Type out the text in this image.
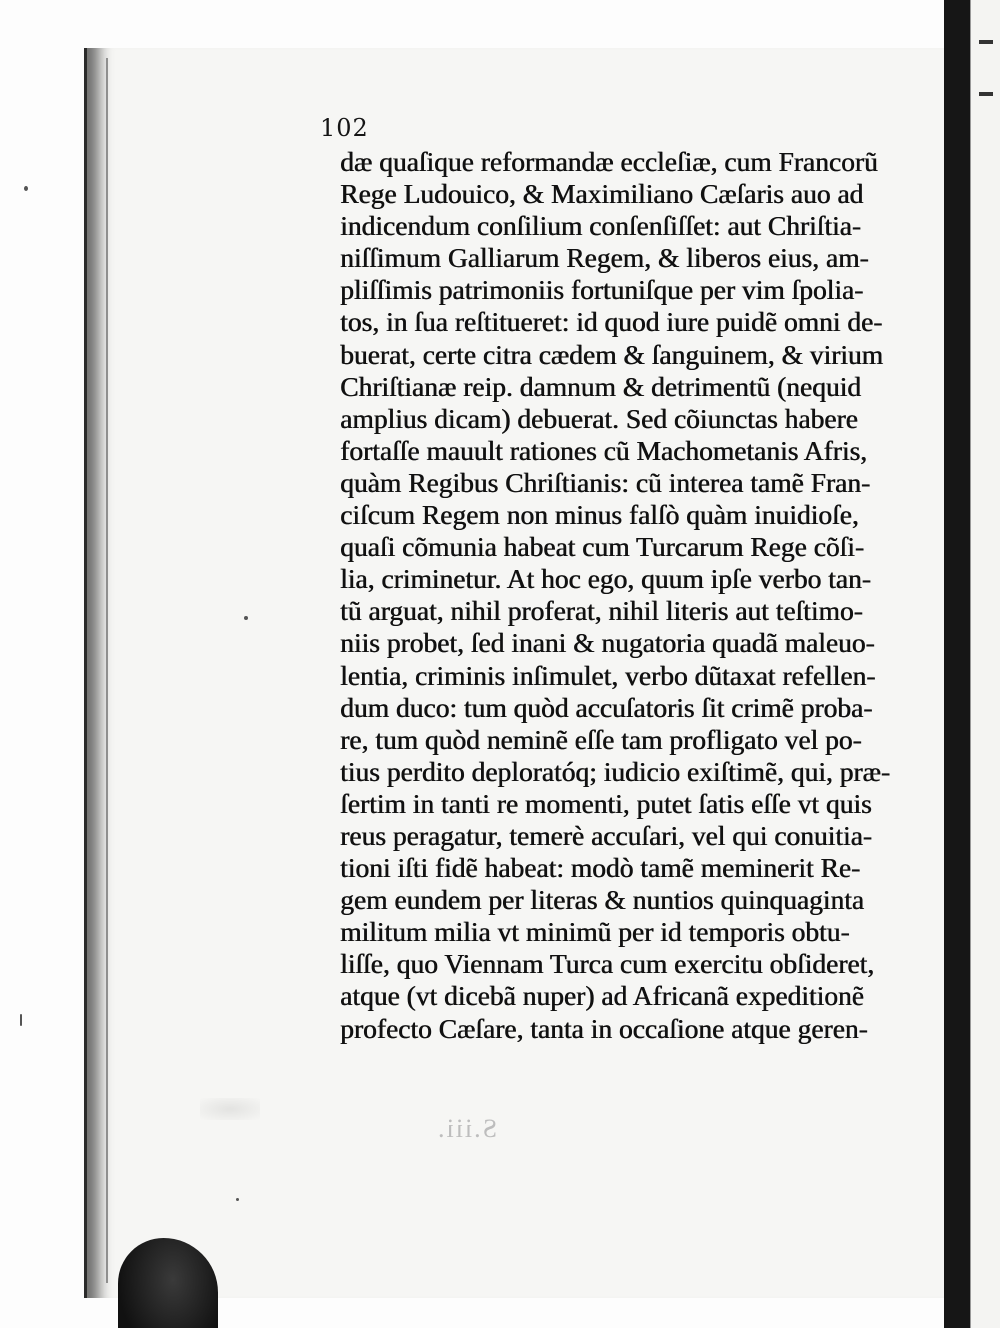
S.iii.

102

dæ quaſique reformandæ eccleſiæ, cum Francorũ
Rege Ludouico, & Maximiliano Cæſaris auo ad
indicendum conſilium conſenſiſſet: aut Chriſtia-
niſſimum Galliarum Regem, & liberos eius, am-
pliſſimis patrimoniis fortuniſque per vim ſpolia-
tos, in ſua reſtitueret: id quod iure puidẽ omni de-
buerat, certe citra cædem & ſanguinem, & virium
Chriſtianæ reip. damnum & detrimentũ (nequid
amplius dicam) debuerat. Sed cõiunctas habere
fortaſſe mauult rationes cũ Machometanis Afris,
quàm Regibus Chriſtianis: cũ interea tamẽ Fran-
ciſcum Regem non minus falſò quàm inuidioſe,
quaſi cõmunia habeat cum Turcarum Rege cõſi-
lia, criminetur. At hoc ego, quum ipſe verbo tan-
tũ arguat, nihil proferat, nihil literis aut teſtimo-
niis probet, ſed inani & nugatoria quadã maleuo-
lentia, criminis inſimulet, verbo dũtaxat refellen-
dum duco: tum quòd accuſatoris ſit crimẽ proba-
re, tum quòd neminẽ eſſe tam profligato vel po-
tius perdito deploratóq; iudicio exiſtimẽ, qui, præ-
ſertim in tanti re momenti, putet ſatis eſſe vt quis
reus peragatur, temerè accuſari, vel qui conuitia-
tioni iſti fidẽ habeat: modò tamẽ meminerit Re-
gem eundem per literas & nuntios quinquaginta
militum milia vt minimũ per id temporis obtu-
liſſe, quo Viennam Turca cum exercitu obſideret,
atque (vt dicebã nuper) ad Africanã expeditionẽ
profecto Cæſare, tanta in occaſione atque geren-
